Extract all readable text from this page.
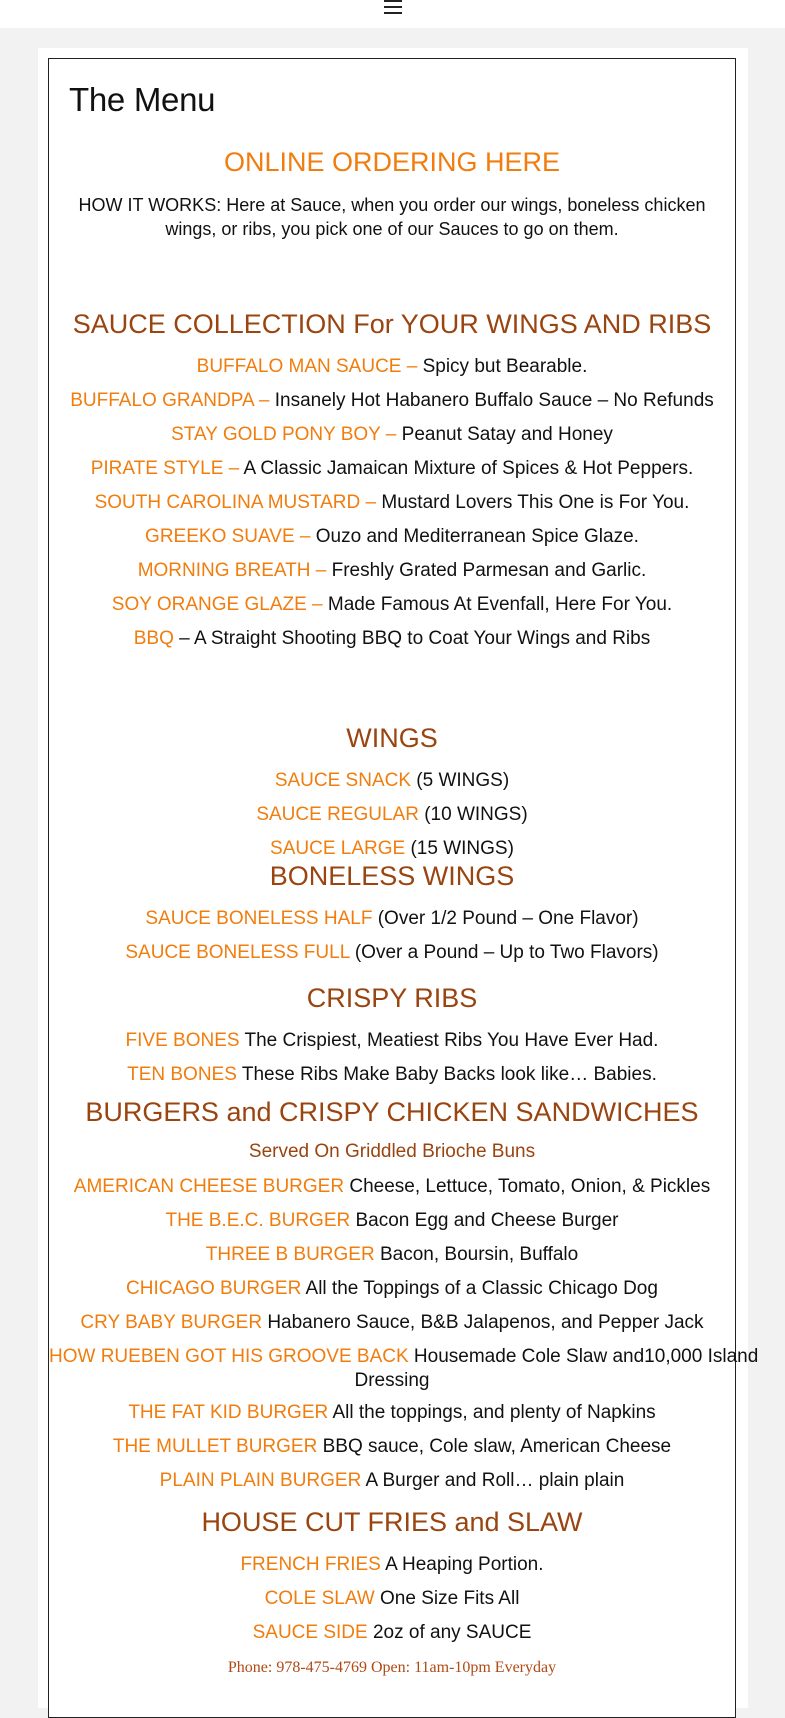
The Menu
ONLINE ORDERING HERE
HOW IT WORKS: Here at Sauce, when you order our wings, boneless chicken
wings, or ribs, you pick one of our Sauces to go on them.
SAUCE COLLECTION For YOUR WINGS AND RIBS
BUFFALO MAN SAUCE – Spicy but Bearable.
BUFFALO GRANDPA – Insanely Hot Habanero Buffalo Sauce – No Refunds
STAY GOLD PONY BOY – Peanut Satay and Honey
PIRATE STYLE – A Classic Jamaican Mixture of Spices & Hot Peppers.
SOUTH CAROLINA MUSTARD – Mustard Lovers This One is For You.
GREEKO SUAVE – Ouzo and Mediterranean Spice Glaze.
MORNING BREATH – Freshly Grated Parmesan and Garlic.
SOY ORANGE GLAZE – Made Famous At Evenfall, Here For You.
BBQ – A Straight Shooting BBQ to Coat Your Wings and Ribs
WINGS
SAUCE SNACK (5 WINGS)
SAUCE REGULAR (10 WINGS)
SAUCE LARGE (15 WINGS)
BONELESS WINGS
SAUCE BONELESS HALF (Over 1/2 Pound – One Flavor)
SAUCE BONELESS FULL (Over a Pound – Up to Two Flavors)
CRISPY RIBS
FIVE BONES The Crispiest, Meatiest Ribs You Have Ever Had.
TEN BONES These Ribs Make Baby Backs look like… Babies.
BURGERS and CRISPY CHICKEN SANDWICHES
Served On Griddled Brioche Buns
AMERICAN CHEESE BURGER Cheese, Lettuce, Tomato, Onion, & Pickles
THE B.E.C. BURGER Bacon Egg and Cheese Burger
THREE B BURGER Bacon, Boursin, Buffalo
CHICAGO BURGER All the Toppings of a Classic Chicago Dog
CRY BABY BURGER Habanero Sauce, B&B Jalapenos, and Pepper Jack
HOW RUEBEN GOT HIS GROOVE BACK Housemade Cole Slaw and10,000 Island
Dressing
THE FAT KID BURGER All the toppings, and plenty of Napkins
THE MULLET BURGER BBQ sauce, Cole slaw, American Cheese
PLAIN PLAIN BURGER A Burger and Roll… plain plain
HOUSE CUT FRIES and SLAW
FRENCH FRIES A Heaping Portion.
COLE SLAW One Size Fits All
SAUCE SIDE 2oz of any SAUCE
Phone: 978-475-4769 Open: 11am-10pm Everyday
